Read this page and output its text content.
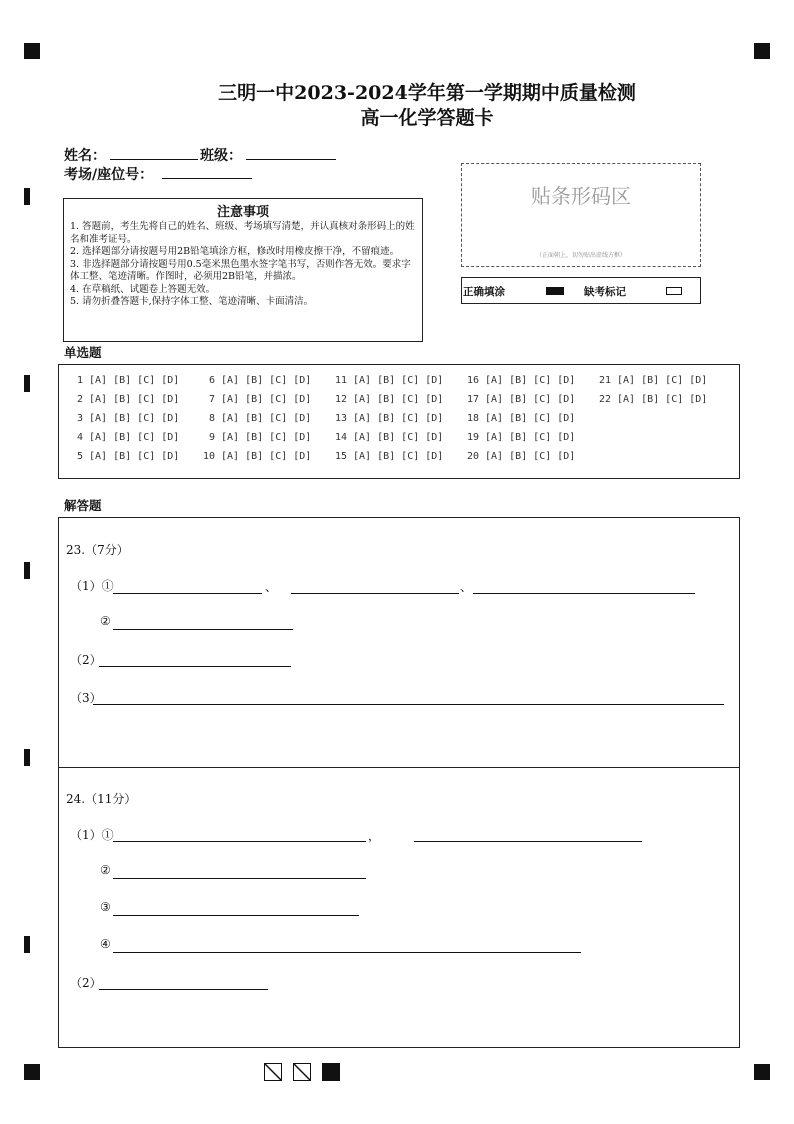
三明一中2023-2024学年第一学期期中质量检测
高一化学答题卡
姓名：	班级：
考场/座位号：
注意事项
1. 答题前，考生先将自己的姓名、班级、考场填写清楚，并认真核对条形码上的姓名和准考证号。
2. 选择题部分请按题号用2B铅笔填涂方框，修改时用橡皮擦干净，不留痕迹。
3. 非选择题部分请按题号用0.5毫米黑色墨水签字笔书写，否则作答无效。要求字体工整、笔迹清晰。作图时，必须用2B铅笔，并描浓。
4. 在草稿纸、试题卷上答题无效。
5. 请勿折叠答题卡,保持字体工整、笔迹清晰、卡面清洁。
贴条形码区
（正面朝上，切勿贴出虚线方框）
正确填涂	缺考标记
单选题
1 [A] [B] [C] [D]
2 [A] [B] [C] [D]
3 [A] [B] [C] [D]
4 [A] [B] [C] [D]
5 [A] [B] [C] [D]
6 [A] [B] [C] [D]
7 [A] [B] [C] [D]
8 [A] [B] [C] [D]
9 [A] [B] [C] [D]
10 [A] [B] [C] [D]
11 [A] [B] [C] [D]
12 [A] [B] [C] [D]
13 [A] [B] [C] [D]
14 [A] [B] [C] [D]
15 [A] [B] [C] [D]
16 [A] [B] [C] [D]
17 [A] [B] [C] [D]
18 [A] [B] [C] [D]
19 [A] [B] [C] [D]
20 [A] [B] [C] [D]
21 [A] [B] [C] [D]
22 [A] [B] [C] [D]
解答题
23.（7分）
（1）①	、	、
②
（2）
（3）
24.（11分）
（1）①	，
②
③
④
（2）
